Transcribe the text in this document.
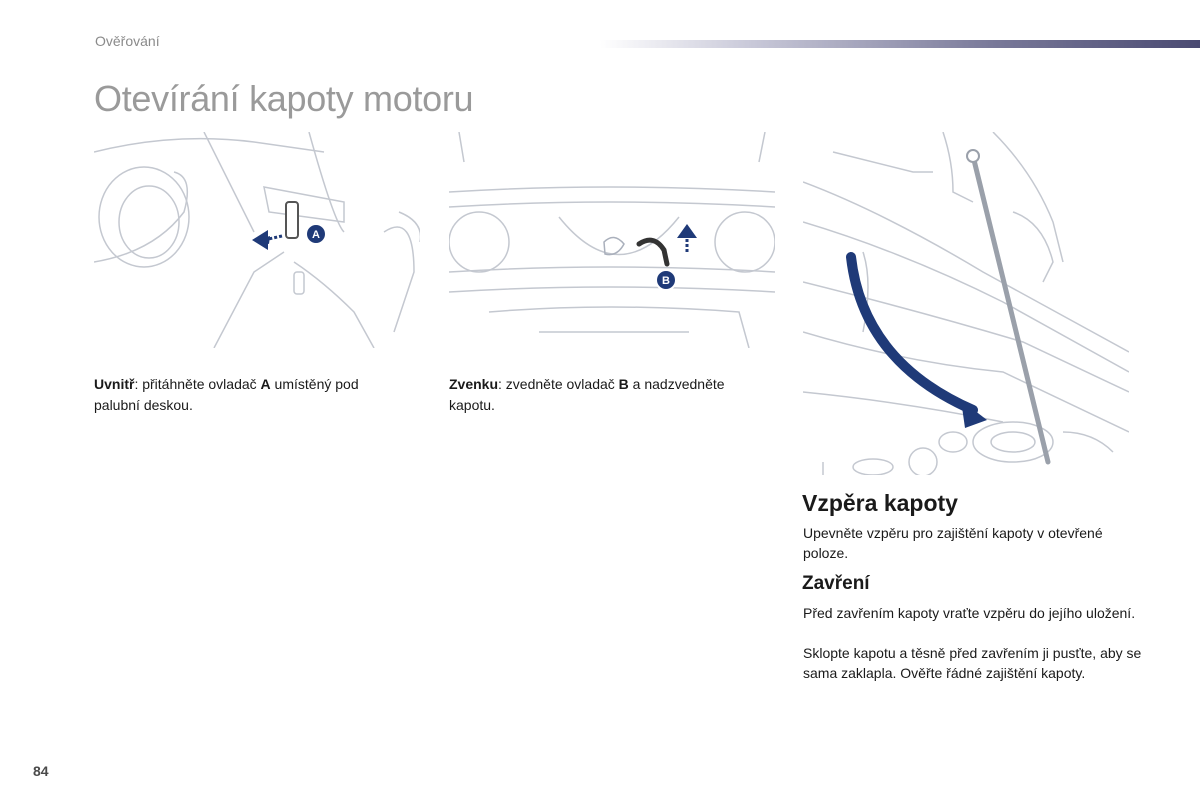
Ověřování
Otevírání kapoty motoru
A
B
Uvnitř: přitáhněte ovladač A umístěný pod palubní deskou.
Zvenku: zvedněte ovladač B a nadzvedněte kapotu.
Vzpěra kapoty

Upevněte vzpěru pro zajištění kapoty v otevřené poloze.

Zavření

Před zavřením kapoty vraťte vzpěru do jejího uložení.

Sklopte kapotu a těsně před zavřením ji pusťte, aby se sama zaklapla. Ověřte řádné zajištění kapoty.

84
